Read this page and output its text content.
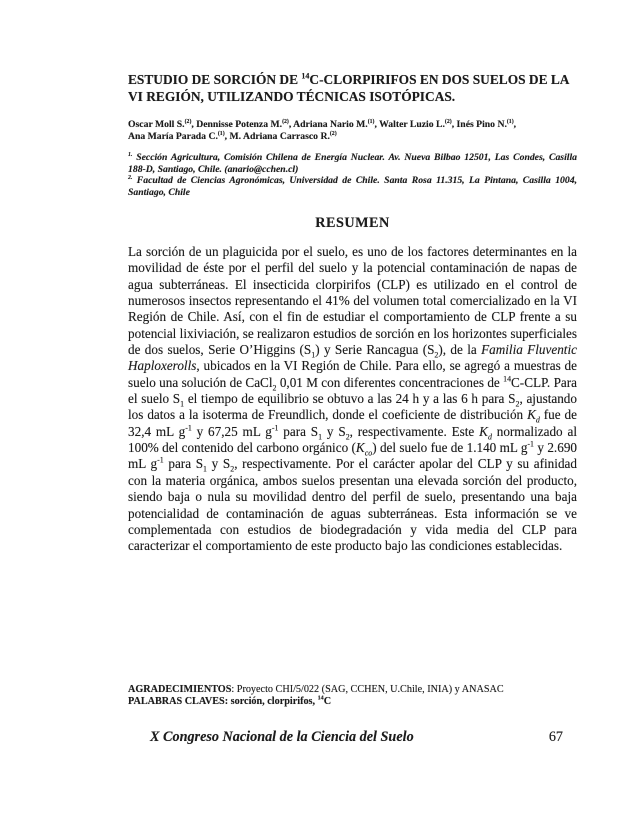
ESTUDIO DE SORCIÓN DE $^{14}$C-CLORPIRIFOS EN DOS SUELOS DE LA
VI REGIÓN, UTILIZANDO TÉCNICAS ISOTÓPICAS.
Oscar Moll S.$^{(2)}$, Dennisse Potenza M.$^{(2)}$, Adriana Nario M.$^{(1)}$, Walter Luzio L.$^{(2)}$, Inés Pino N.$^{(1)}$,
Ana María Parada C.$^{(1)}$, M. Adriana Carrasco R.$^{(2)}$

$^{1.}$ Sección Agricultura, Comisión Chilena de Energía Nuclear. Av. Nueva Bilbao 12501, Las Condes, Casilla 188-D, Santiago, Chile. (anario@cchen.cl)

$^{2.}$ Facultad de Ciencias Agronómicas, Universidad de Chile. Santa Rosa 11.315, La Pintana, Casilla 1004, Santiago, Chile

RESUMEN

La sorción de un plaguicida por el suelo, es uno de los factores determinantes en la movilidad de éste por el perfil del suelo y la potencial contaminación de napas de agua subterráneas. El insecticida clorpirifos (CLP) es utilizado en el control de numerosos insectos representando el 41% del volumen total comercializado en la VI Región de Chile. Así, con el fin de estudiar el comportamiento de CLP frente a su potencial lixiviación, se realizaron estudios de sorción en los horizontes superficiales de dos suelos, Serie O’Higgins $(S_1)$ y Serie Rancagua $(S_2)$, de la Familia Fluventic Haploxerolls, ubicados en la VI Región de Chile. Para ello, se agregó a muestras de suelo una solución de CaCl$_2$ 0,01 M con diferentes concentraciones de $^{14}$C-CLP. Para el suelo $S_1$ el tiempo de equilibrio se obtuvo a las 24 h y a las 6 h para $S_2$, ajustando los datos a la isoterma de Freundlich, donde el coeficiente de distribución $K_d$ fue de 32,4 mL $g^{-1}$ y 67,25 mL $g^{-1}$ para $S_1$ y $S_2$, respectivamente. Este $K_d$ normalizado al 100% del contenido del carbono orgánico $(K_{co})$ del suelo fue de 1.140 mL $g^{-1}$ y 2.690 mL $g^{-1}$ para $S_1$ y $S_2$, respectivamente. Por el carácter apolar del CLP y su afinidad con la materia orgánica, ambos suelos presentan una elevada sorción del producto, siendo baja o nula su movilidad dentro del perfil de suelo, presentando una baja potencialidad de contaminación de aguas subterráneas. Esta información se ve complementada con estudios de biodegradación y vida media del CLP para caracterizar el comportamiento de este producto bajo las condiciones establecidas.

AGRADECIMIENTOS: Proyecto CHI/5/022 (SAG, CCHEN, U.Chile, INIA) y ANASAC

PALABRAS CLAVES: sorción, clorpirifos, $^{14}$C

X Congreso Nacional de la Ciencia del Suelo	67
